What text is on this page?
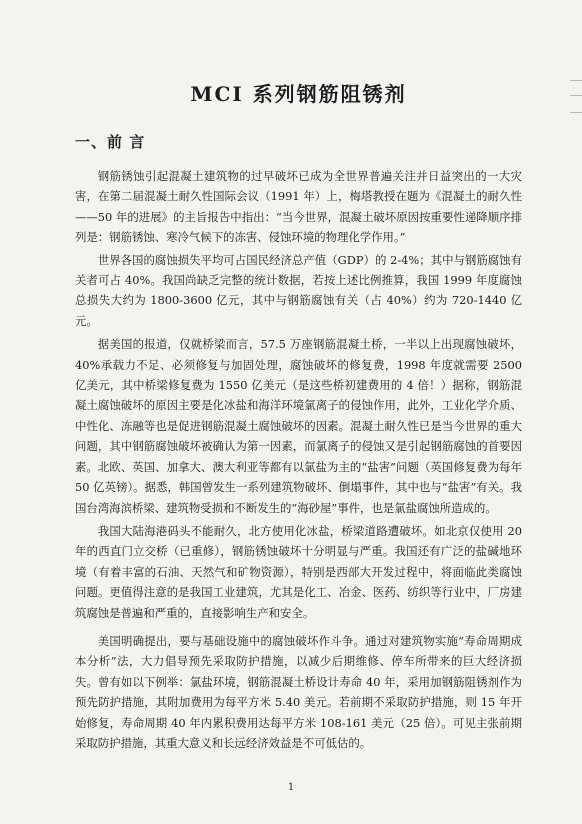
MCI 系列钢筋阻锈剂
一、前 言

钢筋锈蚀引起混凝土建筑物的过早破坏已成为全世界普遍关注并日益突出的一大灾害，在第二届混凝土耐久性国际会议（1991 年）上，梅塔教授在题为《混凝土的耐久性——50 年的进展》的主旨报告中指出：“当今世界，混凝土破坏原因按重要性递降顺序排列是：钢筋锈蚀、寒冷气候下的冻害、侵蚀环境的物理化学作用。”

世界各国的腐蚀损失平均可占国民经济总产值（GDP）的 2-4%；其中与钢筋腐蚀有关者可占 40%。我国尚缺乏完整的统计数据，若按上述比例推算，我国 1999 年度腐蚀总损失大约为 1800-3600 亿元，其中与钢筋腐蚀有关（占 40%）约为 720-1440 亿元。

据美国的报道，仅就桥梁而言，57.5 万座钢筋混凝土桥，一半以上出现腐蚀破坏，40%承载力不足、必须修复与加固处理，腐蚀破坏的修复费，1998 年度就需要 2500 亿美元，其中桥梁修复费为 1550 亿美元（是这些桥初建费用的 4 倍！）据称，钢筋混凝土腐蚀破坏的原因主要是化冰盐和海洋环境氯离子的侵蚀作用，此外，工业化学介质、中性化、冻融等也是促进钢筋混凝土腐蚀破坏的因素。混凝土耐久性已是当今世界的重大问题，其中钢筋腐蚀破坏被确认为第一因素，而氯离子的侵蚀又是引起钢筋腐蚀的首要因素。北欧、英国、加拿大、澳大利亚等都有以氯盐为主的“盐害”问题（英国修复费为每年 50 亿英镑）。据悉，韩国曾发生一系列建筑物破坏、倒塌事件，其中也与“盐害”有关。我国台湾海滨桥梁、建筑物受损和不断发生的“海砂屋”事件，也是氯盐腐蚀所造成的。

我国大陆海港码头不能耐久，北方使用化冰盐，桥梁道路遭破坏。如北京仅使用 20 年的西直门立交桥（已重修），钢筋锈蚀破坏十分明显与严重。我国还有广泛的盐碱地环境（有着丰富的石油、天然气和矿物资源），特别是西部大开发过程中，将面临此类腐蚀问题。更值得注意的是我国工业建筑，尤其是化工、冶金、医药、纺织等行业中，厂房建筑腐蚀是普遍和严重的，直接影响生产和安全。

美国明确提出，要与基础设施中的腐蚀破坏作斗争。通过对建筑物实施“寿命周期成本分析”法，大力倡导预先采取防护措施，以减少后期维修、停车所带来的巨大经济损失。曾有如以下例举：氯盐环境，钢筋混凝土桥设计寿命 40 年，采用加钢筋阻锈剂作为预先防护措施，其附加费用为每平方米 5.40 美元。若前期不采取防护措施，则 15 年开始修复，寿命周期 40 年内累积费用达每平方米 108-161 美元（25 倍）。可见主张前期采取防护措施，其重大意义和长远经济效益是不可低估的。

1
